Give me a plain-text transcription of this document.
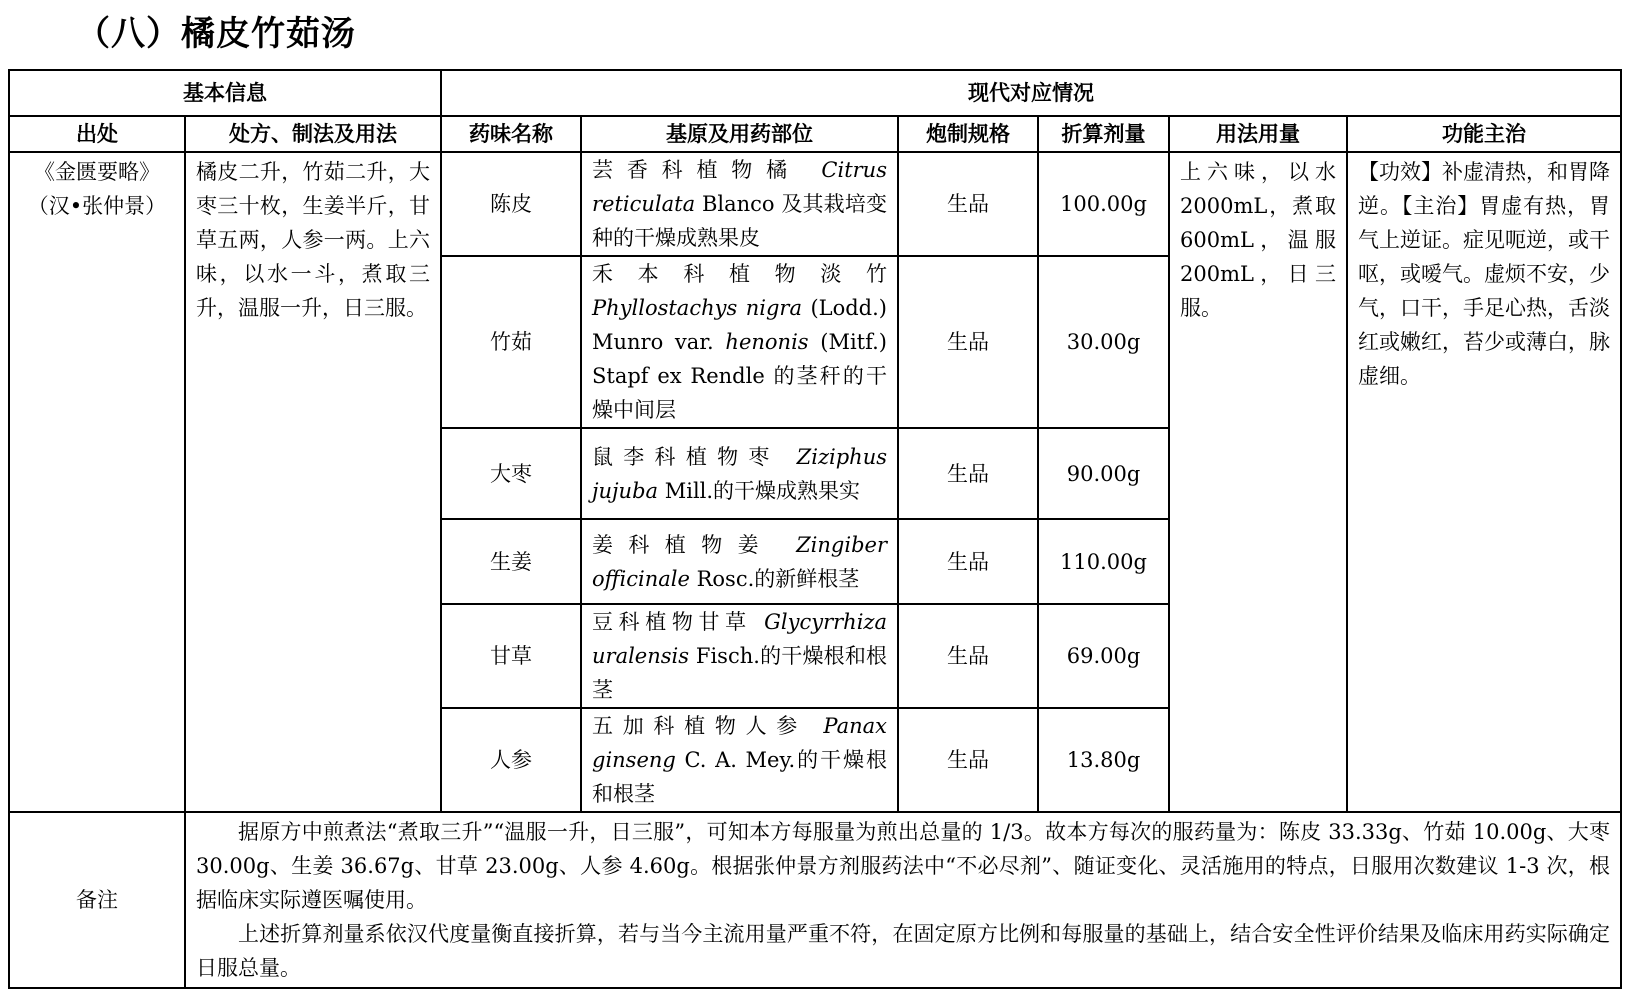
（八）橘皮竹茹汤
基本信息		现代对应情况					
出处	处方、制法及用法	药味名称	基原及用药部位	炮制规格	折算剂量	用法用量	功能主治
《金匮要略》（汉•张仲景）	橘皮二升，竹茹二升，大枣三十枚，生姜半斤，甘草五两，人参一两。上六味，以水一斗，煮取三升，温服一升，日三服。	陈皮	芸香科植物橘 Citrus reticulata Blanco 及其栽培变种的干燥成熟果皮	生品	100.00g	上六味，以水2000mL，煮取600mL，温服200mL，日三服。	【功效】补虚清热，和胃降逆。【主治】胃虚有热，胃气上逆证。症见呃逆，或干呕，或嗳气。虚烦不安，少气，口干，手足心热，舌淡红或嫩红，苔少或薄白，脉虚细。
		竹茹	禾本科植物淡竹 Phyllostachys nigra (Lodd.) Munro var. henonis (Mitf.) Stapf ex Rendle 的茎秆的干燥中间层	生品	30.00g		
		大枣	鼠李科植物枣 Ziziphus jujuba Mill.的干燥成熟果实	生品	90.00g		
		生姜	姜科植物姜 Zingiber officinale Rosc.的新鲜根茎	生品	110.00g		
		甘草	豆科植物甘草 Glycyrrhiza uralensis Fisch.的干燥根和根茎	生品	69.00g		
		人参	五加科植物人参 Panax ginseng C. A. Mey.的干燥根和根茎	生品	13.80g		
备注	据原方中煎煮法“煮取三升”“温服一升，日三服”，可知本方每服量为煎出总量的 1/3。故本方每次的服药量为：陈皮 33.33g、竹茹 10.00g、大枣 30.00g、生姜 36.67g、甘草 23.00g、人参 4.60g。根据张仲景方剂服药法中“不必尽剂”、随证变化、灵活施用的特点，日服用次数建议 1-3 次，根据临床实际遵医嘱使用。

上述折算剂量系依汉代度量衡直接折算，若与当今主流用量严重不符，在固定原方比例和每服量的基础上，结合安全性评价结果及临床用药实际确定日服总量。						
